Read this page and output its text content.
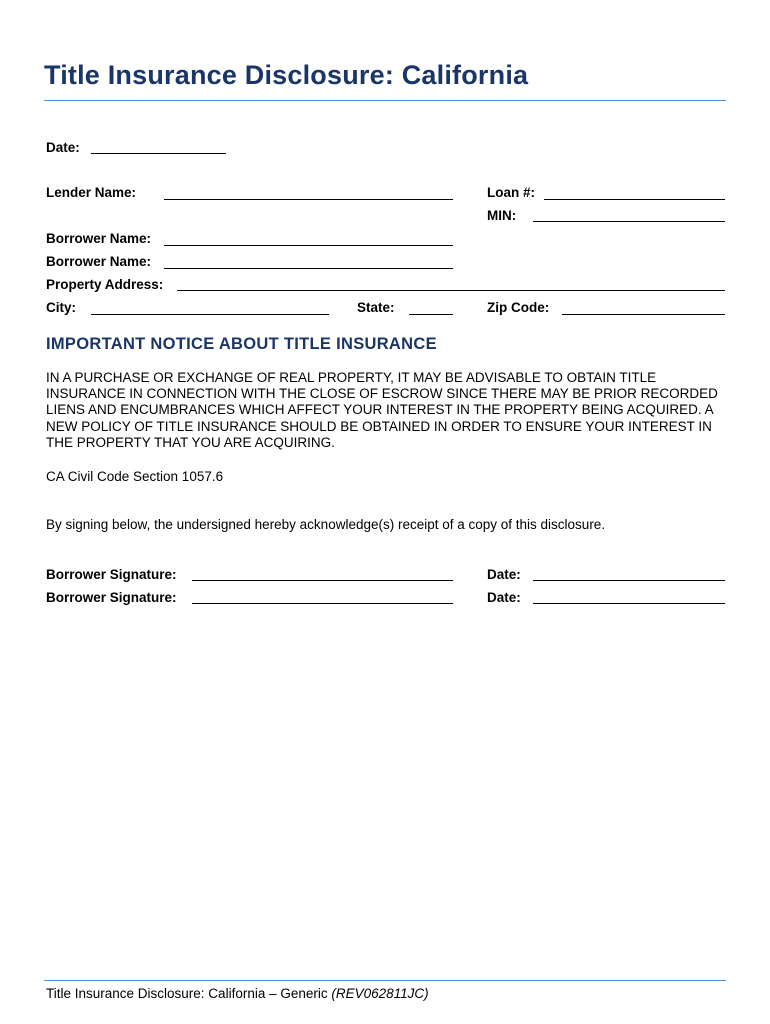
Title Insurance Disclosure: California
Date:
Lender Name:	Loan #:
MIN:
Borrower Name:
Borrower Name:
Property Address:
City:	State:	Zip Code:
IMPORTANT NOTICE ABOUT TITLE INSURANCE
IN A PURCHASE OR EXCHANGE OF REAL PROPERTY, IT MAY BE ADVISABLE TO OBTAIN TITLE INSURANCE IN CONNECTION WITH THE CLOSE OF ESCROW SINCE THERE MAY BE PRIOR RECORDED LIENS AND ENCUMBRANCES WHICH AFFECT YOUR INTEREST IN THE PROPERTY BEING ACQUIRED. A NEW POLICY OF TITLE INSURANCE SHOULD BE OBTAINED IN ORDER TO ENSURE YOUR INTEREST IN THE PROPERTY THAT YOU ARE ACQUIRING.
CA Civil Code Section 1057.6
By signing below, the undersigned hereby acknowledge(s) receipt of a copy of this disclosure.
Borrower Signature:	Date:
Borrower Signature:	Date:
Title Insurance Disclosure: California – Generic (REV062811JC)
